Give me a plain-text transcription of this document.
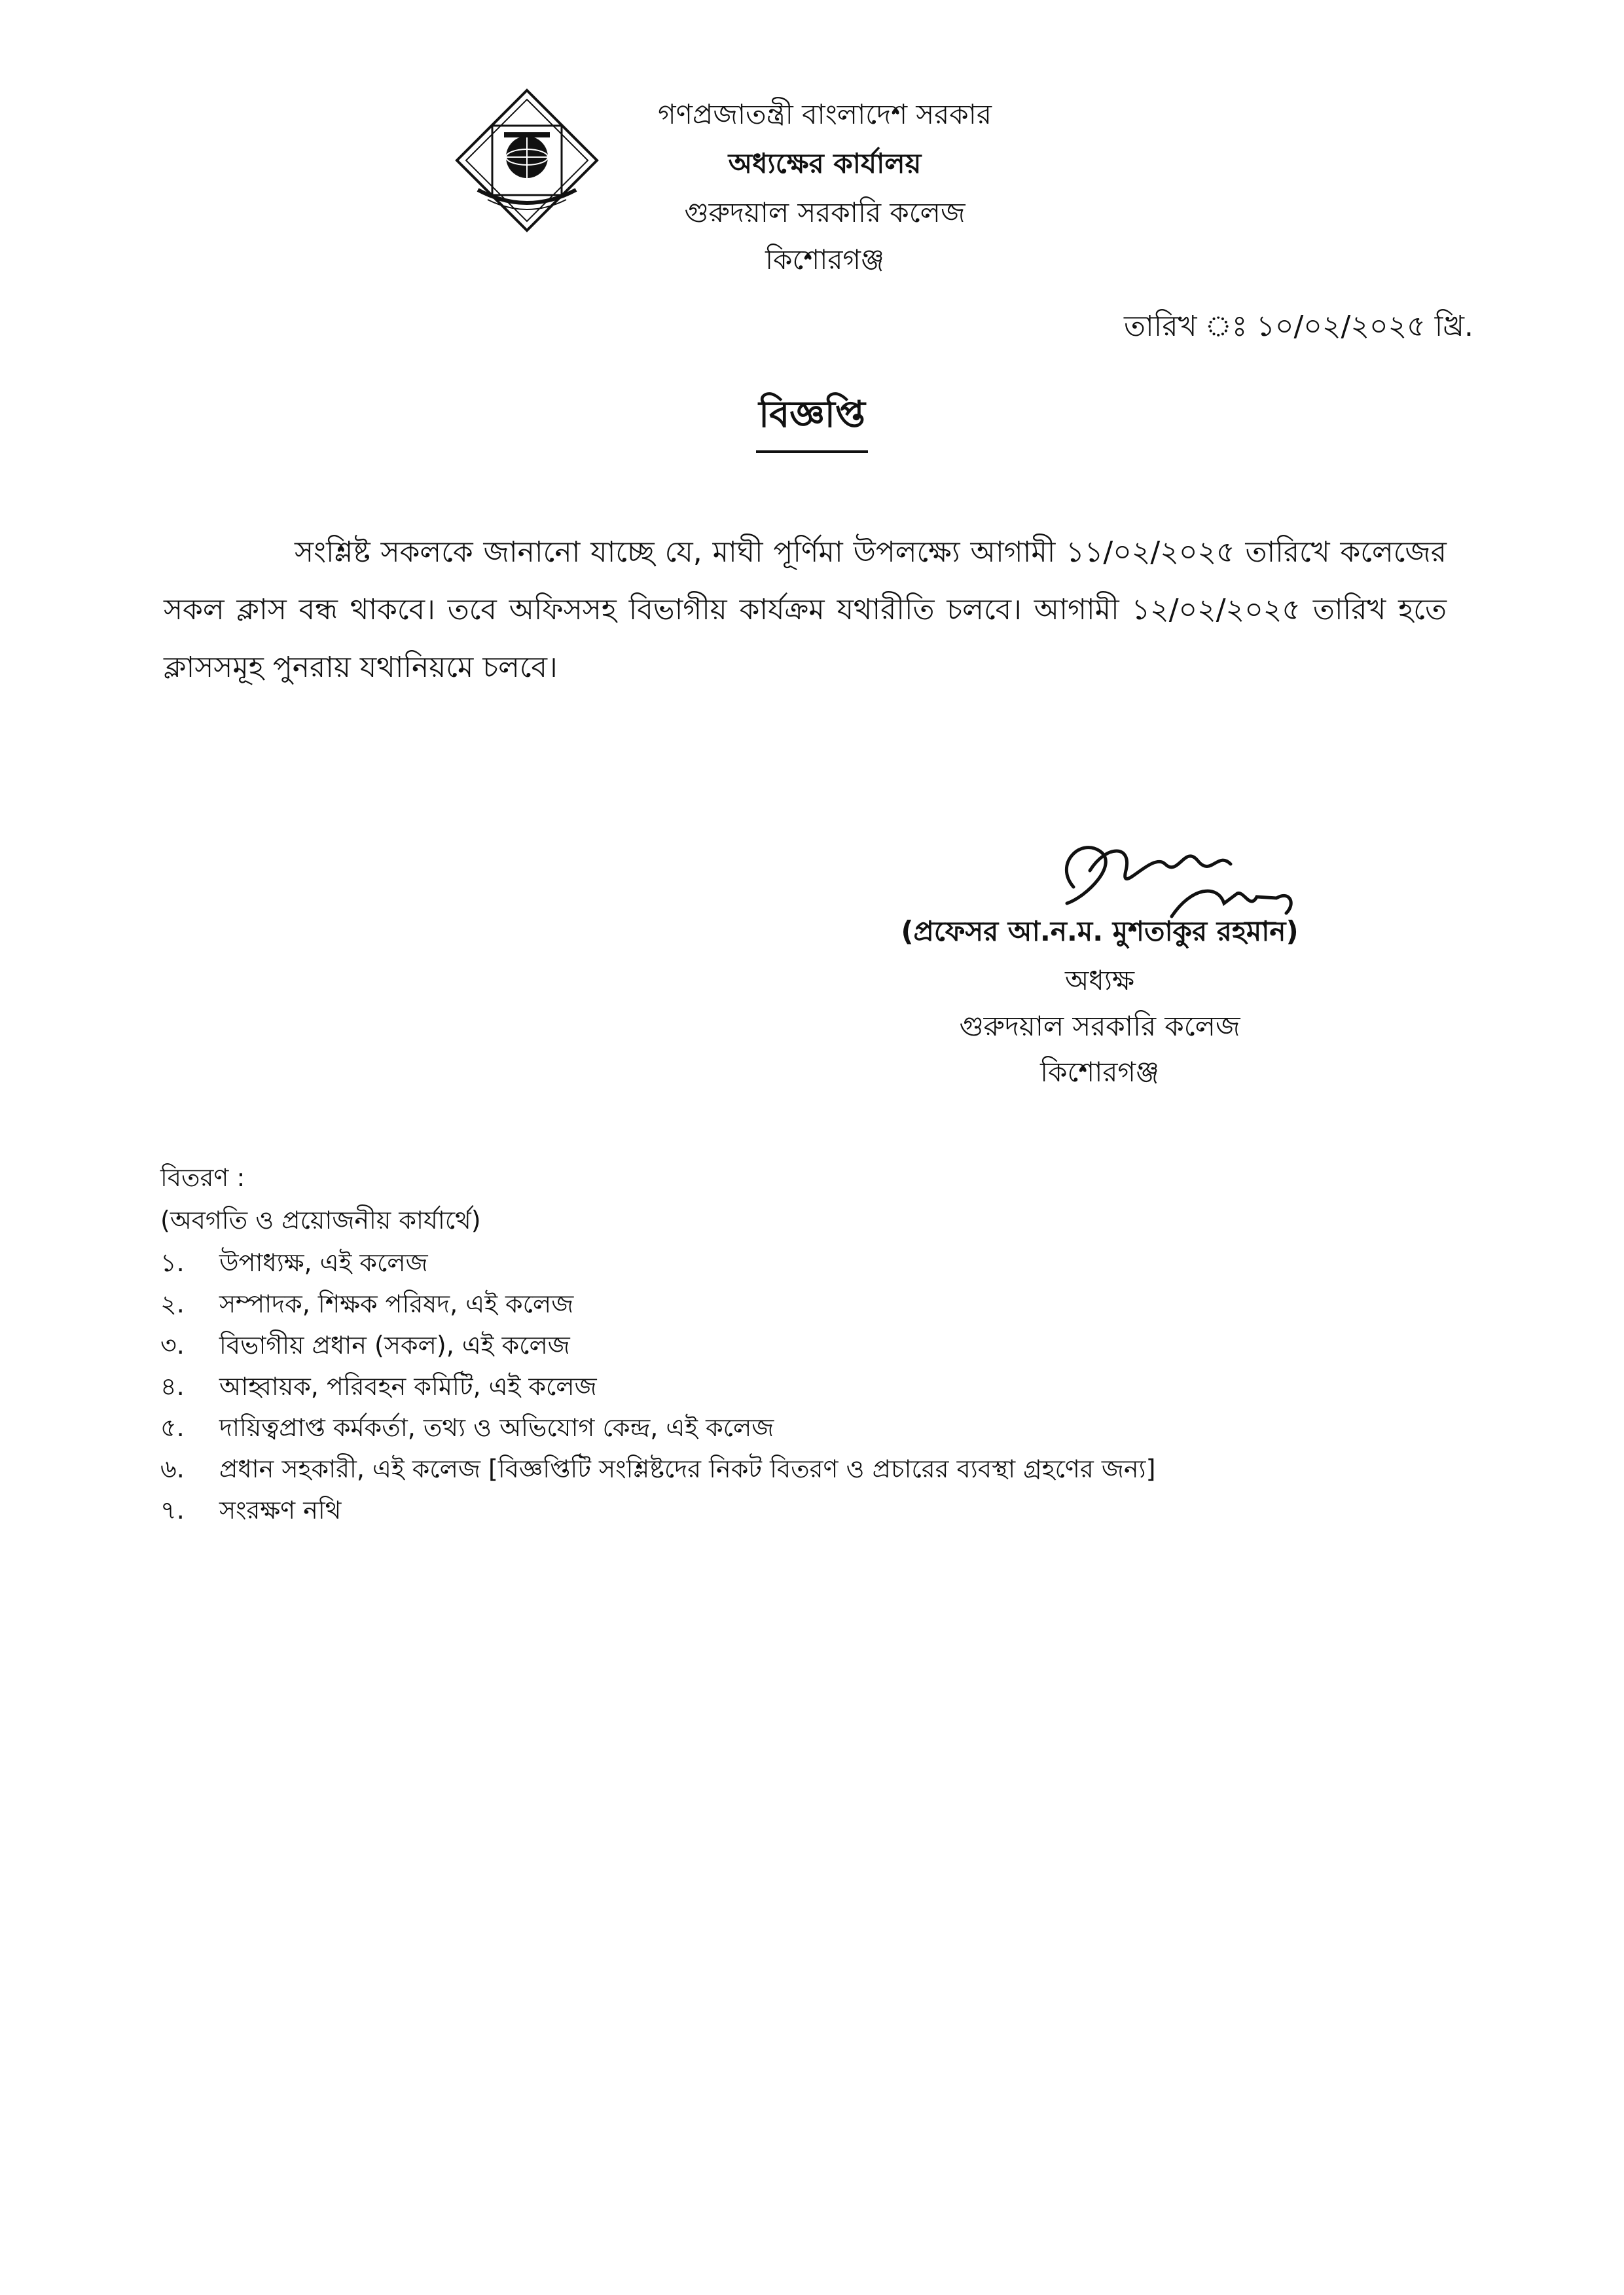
গণপ্রজাতন্ত্রী বাংলাদেশ সরকার
অধ্যক্ষের কার্যালয়
গুরুদয়াল সরকারি কলেজ
কিশোরগঞ্জ
তারিখ ঃ ১০/০২/২০২৫ খ্রি.
বিজ্ঞপ্তি
সংশ্লিষ্ট সকলকে জানানো যাচ্ছে যে, মাঘী পূর্ণিমা উপলক্ষ্যে আগামী ১১/০২/২০২৫ তারিখে কলেজের সকল ক্লাস বন্ধ থাকবে। তবে অফিসসহ বিভাগীয় কার্যক্রম যথারীতি চলবে। আগামী ১২/০২/২০২৫ তারিখ হতে ক্লাসসমূহ পুনরায় যথানিয়মে চলবে।
(প্রফেসর আ.ন.ম. মুশতাকুর রহমান)
অধ্যক্ষ
গুরুদয়াল সরকারি কলেজ
কিশোরগঞ্জ
বিতরণ :
(অবগতি ও প্রয়োজনীয় কার্যার্থে)
১. উপাধ্যক্ষ, এই কলেজ
২. সম্পাদক, শিক্ষক পরিষদ, এই কলেজ
৩. বিভাগীয় প্রধান (সকল), এই কলেজ
৪. আহ্বায়ক, পরিবহন কমিটি, এই কলেজ
৫. দায়িত্বপ্রাপ্ত কর্মকর্তা, তথ্য ও অভিযোগ কেন্দ্র, এই কলেজ
৬. প্রধান সহকারী, এই কলেজ [বিজ্ঞপ্তিটি সংশ্লিষ্টদের নিকট বিতরণ ও প্রচারের ব্যবস্থা গ্রহণের জন্য]
৭. সংরক্ষণ নথি
